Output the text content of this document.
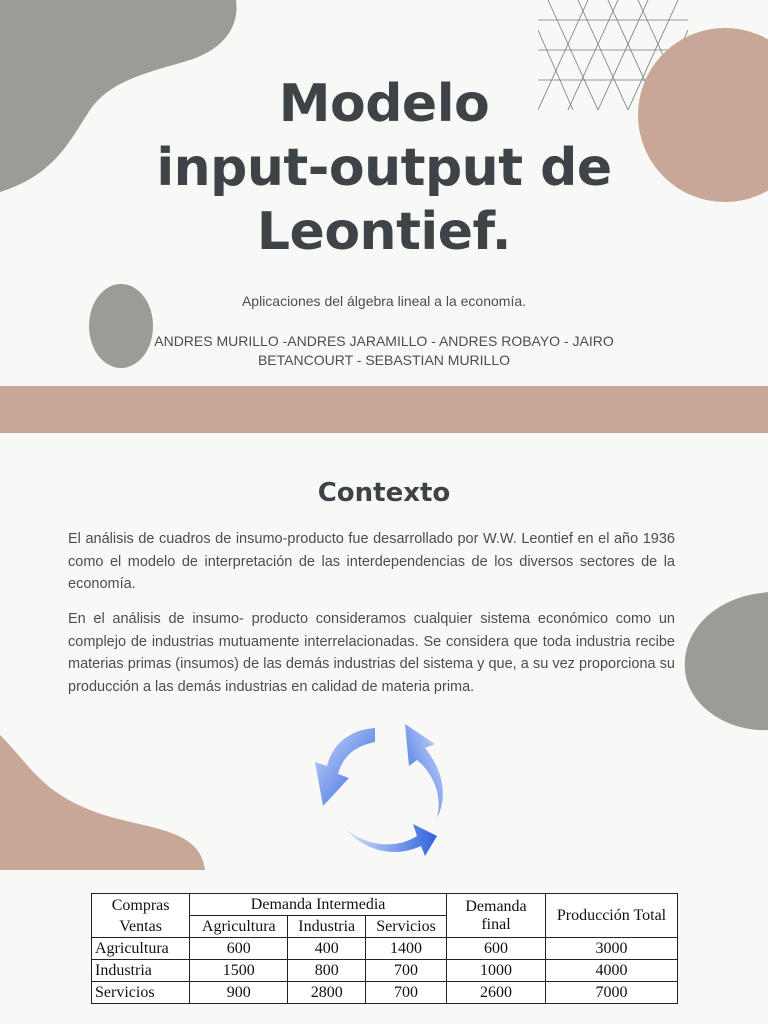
Modelo
input-output de
Leontief.
Aplicaciones del álgebra lineal a la economía.
ANDRES MURILLO -ANDRES JARAMILLO - ANDRES ROBAYO - JAIRO
BETANCOURT - SEBASTIAN MURILLO
Contexto

El análisis de cuadros de insumo-producto fue desarrollado por W.W. Leontief en el año 1936 como el modelo de interpretación de las interdependencias de los diversos sectores de la economía.

En el análisis de insumo- producto consideramos cualquier sistema económico como un complejo de industrias mutuamente interrelacionadas. Se considera que toda industria recibe materias primas (insumos) de las demás industrias del sistema y que, a su vez proporciona su producción a las demás industrias en calidad de materia prima.

Compras
Ventas	Demanda Intermedia			Demanda final	Producción Total
	Agricultura	Industria	Servicios		
Agricultura	600	400	1400	600	3000
Industria	1500	800	700	1000	4000
Servicios	900	2800	700	2600	7000
